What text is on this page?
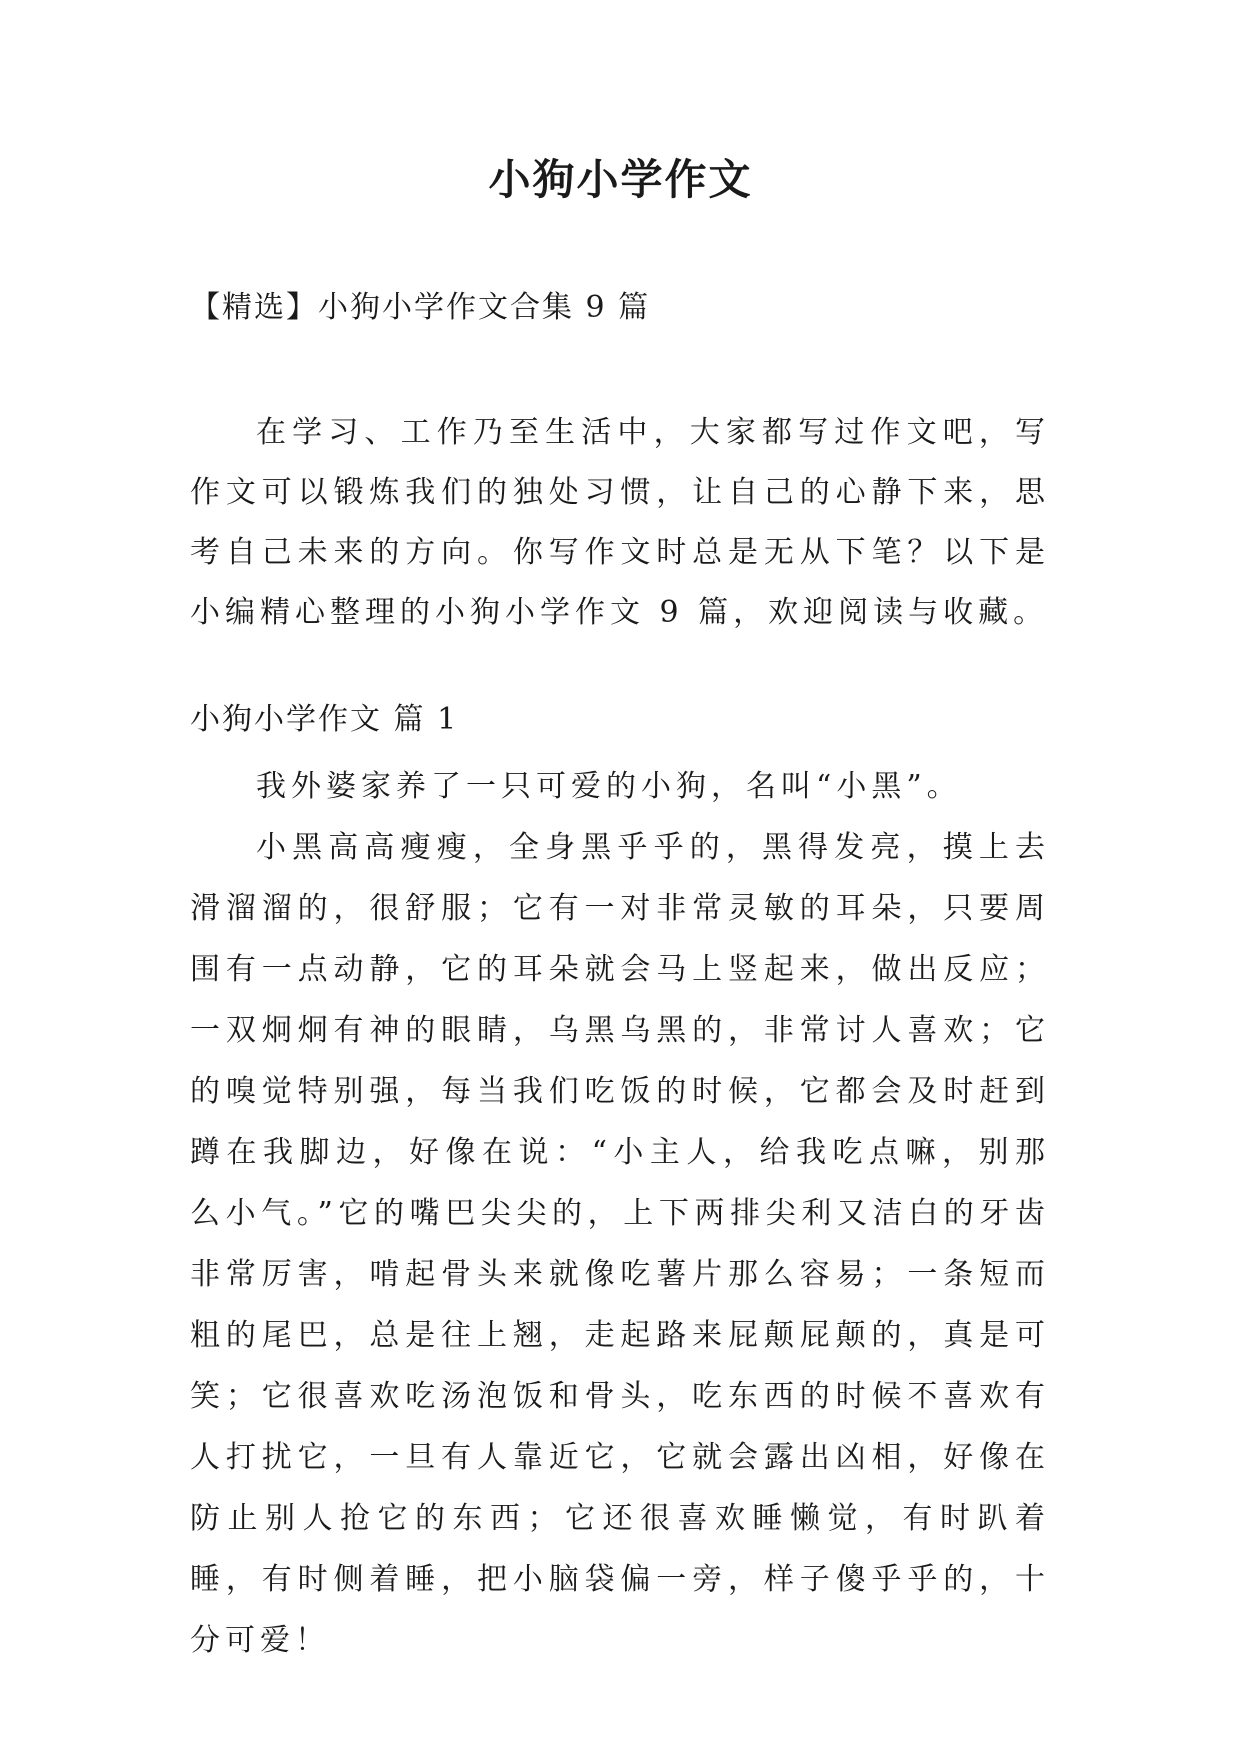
小狗小学作文

【精选】小狗小学作文合集 9 篇

在学习、工作乃至生活中，大家都写过作文吧，写作文可以锻炼我们的独处习惯，让自己的心静下来，思考自己未来的方向。你写作文时总是无从下笔？以下是小编精心整理的小狗小学作文 9 篇，欢迎阅读与收藏。

小狗小学作文 篇 1

我外婆家养了一只可爱的小狗，名叫“小黑”。

小黑高高瘦瘦，全身黑乎乎的，黑得发亮，摸上去滑溜溜的，很舒服；它有一对非常灵敏的耳朵，只要周围有一点动静，它的耳朵就会马上竖起来，做出反应；一双炯炯有神的眼睛，乌黑乌黑的，非常讨人喜欢；它的嗅觉特别强，每当我们吃饭的时候，它都会及时赶到蹲在我脚边，好像在说：“小主人，给我吃点嘛，别那么小气。”它的嘴巴尖尖的，上下两排尖利又洁白的牙齿非常厉害，啃起骨头来就像吃薯片那么容易；一条短而粗的尾巴，总是往上翘，走起路来屁颠屁颠的，真是可笑；它很喜欢吃汤泡饭和骨头，吃东西的时候不喜欢有人打扰它，一旦有人靠近它，它就会露出凶相，好像在防止别人抢它的东西；它还很喜欢睡懒觉，有时趴着睡，有时侧着睡，把小脑袋偏一旁，样子傻乎乎的，十分可爱！
